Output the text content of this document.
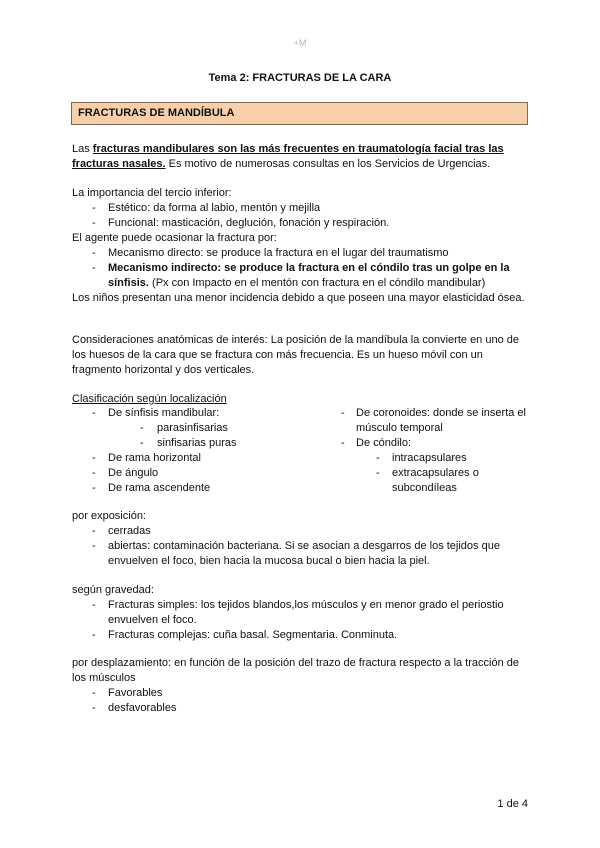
+M
Tema 2: FRACTURAS DE LA CARA
FRACTURAS DE MANDÍBULA
Las fracturas mandibulares son las más frecuentes en traumatología facial tras las fracturas nasales. Es motivo de numerosas consultas en los Servicios de Urgencias.
La importancia del tercio inferior:
- Estético: da forma al labio, mentón y mejilla
- Funcional: masticación, deglución, fonación y respiración.
El agente puede ocasionar la fractura por:
- Mecanismo directo: se produce la fractura en el lugar del traumatismo
- Mecanismo indirecto: se produce la fractura en el cóndilo tras un golpe en la sínfisis. (Px con Impacto en el mentón con fractura en el cóndilo mandibular)
Los niños presentan una menor incidencia debido a que poseen una mayor elasticidad ósea.
Consideraciones anatómicas de interés: La posición de la mandíbula la convierte en uno de los huesos de la cara que se fractura con más frecuencia. Es un hueso móvil con un fragmento horizontal y dos verticales.
Clasificación según localización
- De sínfisis mandibular:
- parasinfisarias
- sinfisarias puras
- De rama horizontal
- De ángulo
- De rama ascendente
- De coronoides: donde se inserta el músculo temporal
- De cóndilo:
- intracapsulares
- extracapsulares o subcondíleas
por exposición:
- cerradas
- abiertas: contaminación bacteriana. Si se asocian a desgarros de los tejidos que envuelven el foco, bien hacia la mucosa bucal o bien hacia la piel.
según gravedad:
- Fracturas simples: los tejidos blandos,los músculos y en menor grado el periostio envuelven el foco.
- Fracturas complejas: cuña basal. Segmentaria. Conminuta.
por desplazamiento: en función de la posición del trazo de fractura respecto a la tracción de los músculos
- Favorables
- desfavorables
1 de 4
